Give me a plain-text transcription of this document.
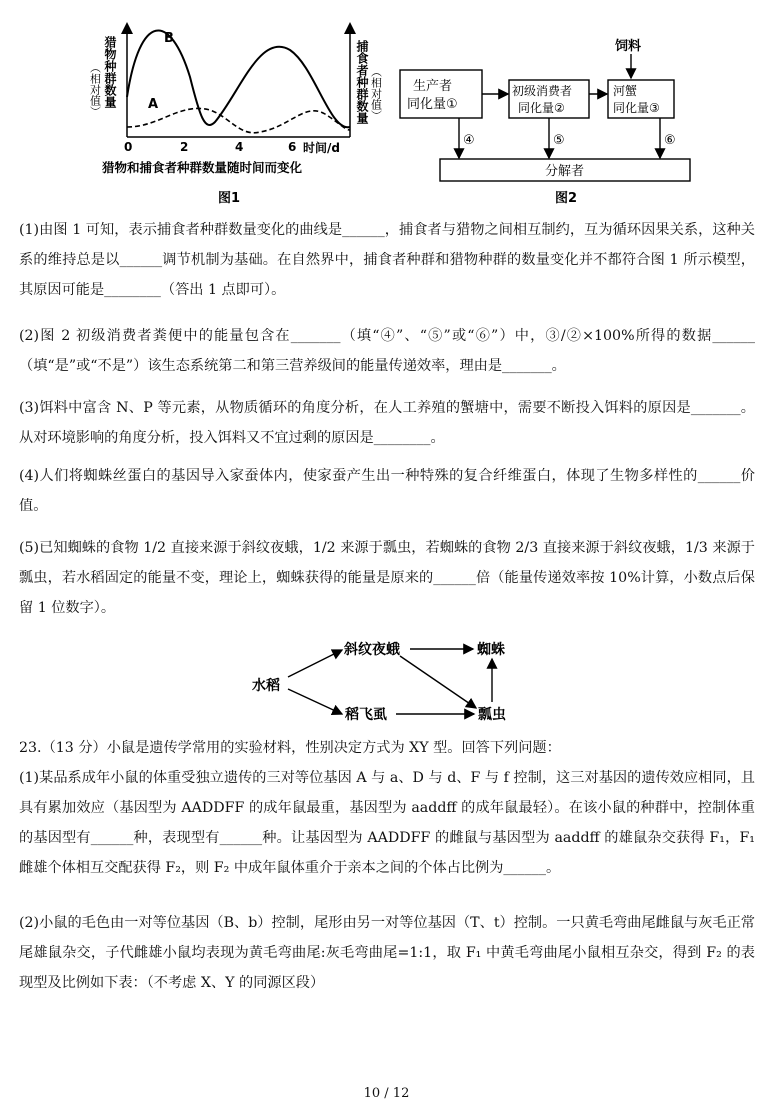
B
A
猎物种群数量
（相对值）	捕食者种群数量 （相对值）
0	2	4	6 时间/d
猎物和捕食者种群数量随时间而变化
图1
饲料
生产者
同化量①
初级消费者
同化量②
河蟹
同化量③
④	⑤	⑥
分解者
图2

(1)由图 1 可知，表示捕食者种群数量变化的曲线是______，捕食者与猎物之间相互制约，互为循环因果关系，这种关系的维持总是以______调节机制为基础。在自然界中，捕食者种群和猎物种群的数量变化并不都符合图 1 所示模型，其原因可能是________（答出 1 点即可）。

(2)图 2 初级消费者粪便中的能量包含在_______（填“④”、“⑤”或“⑥”）中，③/②×100%所得的数据______（填“是”或“不是”）该生态系统第二和第三营养级间的能量传递效率，理由是_______。

(3)饵料中富含 N、P 等元素，从物质循环的角度分析，在人工养殖的蟹塘中，需要不断投入饵料的原因是_______。从对环境影响的角度分析，投入饵料又不宜过剩的原因是________。

(4)人们将蜘蛛丝蛋白的基因导入家蚕体内，使家蚕产生出一种特殊的复合纤维蛋白，体现了生物多样性的______价值。

(5)已知蜘蛛的食物 1/2 直接来源于斜纹夜蛾，1/2 来源于瓢虫，若蜘蛛的食物 2/3 直接来源于斜纹夜蛾，1/3 来源于瓢虫，若水稻固定的能量不变，理论上，蜘蛛获得的能量是原来的______倍（能量传递效率按 10%计算，小数点后保留 1 位数字）。

水稻
斜纹夜蛾	蜘蛛
稻飞虱	瓢虫

23.（13 分）小鼠是遗传学常用的实验材料，性别决定方式为 XY 型。回答下列问题：

(1)某品系成年小鼠的体重受独立遗传的三对等位基因 A 与 a、D 与 d、F 与 f 控制，这三对基因的遗传效应相同，且具有累加效应（基因型为 AADDFF 的成年鼠最重，基因型为 aaddff 的成年鼠最轻）。在该小鼠的种群中，控制体重的基因型有______种，表现型有______种。让基因型为 AADDFF 的雌鼠与基因型为 aaddff 的雄鼠杂交获得 F₁，F₁ 雌雄个体相互交配获得 F₂，则 F₂ 中成年鼠体重介于亲本之间的个体占比例为______。

(2)小鼠的毛色由一对等位基因（B、b）控制，尾形由另一对等位基因（T、t）控制。一只黄毛弯曲尾雌鼠与灰毛正常尾雄鼠杂交，子代雌雄小鼠均表现为黄毛弯曲尾:灰毛弯曲尾=1:1，取 F₁ 中黄毛弯曲尾小鼠相互杂交，得到 F₂ 的表现型及比例如下表：（不考虑 X、Y 的同源区段）

10 / 12
